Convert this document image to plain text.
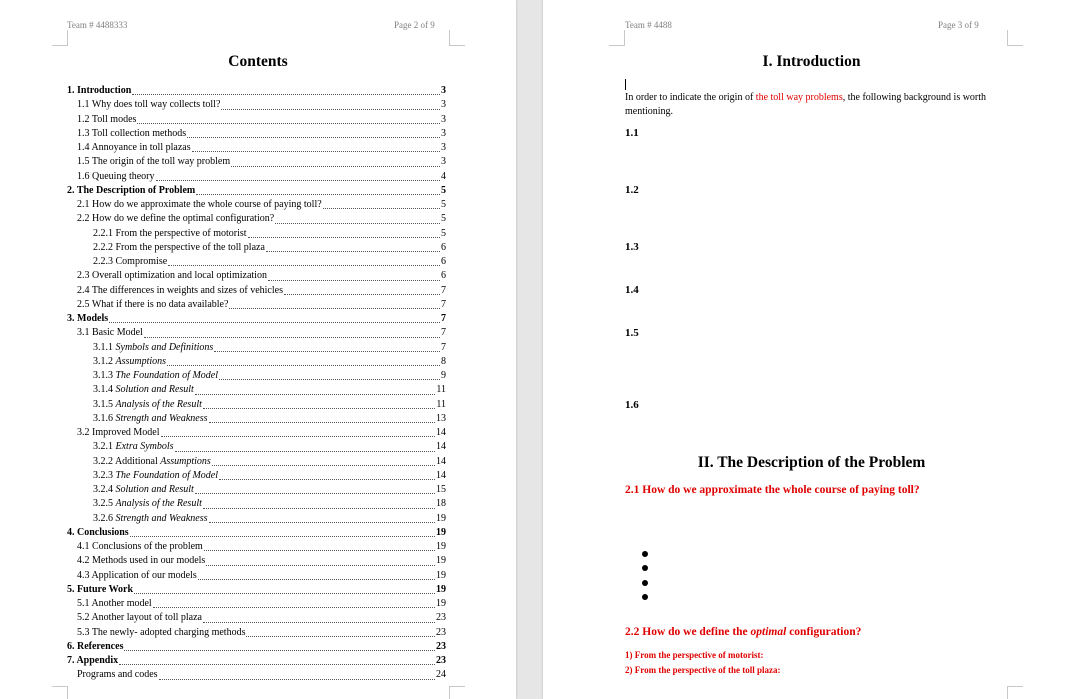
Team # 4488333	Page 2 of 9
Contents
1. Introduction	3
1.1 Why does toll way collects toll?	3
1.2 Toll modes	3
1.3 Toll collection methods	3
1.4 Annoyance in toll plazas	3
1.5 The origin of the toll way problem	3
1.6 Queuing theory	4
2. The Description of Problem	5
2.1 How do we approximate the whole course of paying toll?	5
2.2 How do we define the optimal configuration?	5
2.2.1 From the perspective of motorist	5
2.2.2 From the perspective of the toll plaza	6
2.2.3 Compromise	6
2.3 Overall optimization and local optimization	6
2.4 The differences in weights and sizes of vehicles	7
2.5 What if there is no data available?	7
3. Models	7
3.1 Basic Model	7
3.1.1 Symbols and Definitions	7
3.1.2 Assumptions	8
3.1.3 The Foundation of Model	9
3.1.4 Solution and Result	11
3.1.5 Analysis of the Result	11
3.1.6 Strength and Weakness	13
3.2 Improved Model	14
3.2.1 Extra Symbols	14
3.2.2 Additional Assumptions	14
3.2.3 The Foundation of Model	14
3.2.4 Solution and Result	15
3.2.5 Analysis of the Result	18
3.2.6 Strength and Weakness	19
4. Conclusions	19
4.1 Conclusions of the problem	19
4.2 Methods used in our models	19
4.3 Application of our models	19
5. Future Work	19
5.1 Another model	19
5.2 Another layout of toll plaza	23
5.3 The newly- adopted charging methods	23
6. References	23
7. Appendix	23
Programs and codes	24
Team # 4488	Page 3 of 9
I. Introduction
In order to indicate the origin of the toll way problems, the following background is worth mentioning.
1.1
1.2
1.3
1.4
1.5
1.6
II. The Description of the Problem
2.1 How do we approximate the whole course of paying toll?
2.2 How do we define the optimal configuration?
1) From the perspective of motorist:
2) From the perspective of the toll plaza:
